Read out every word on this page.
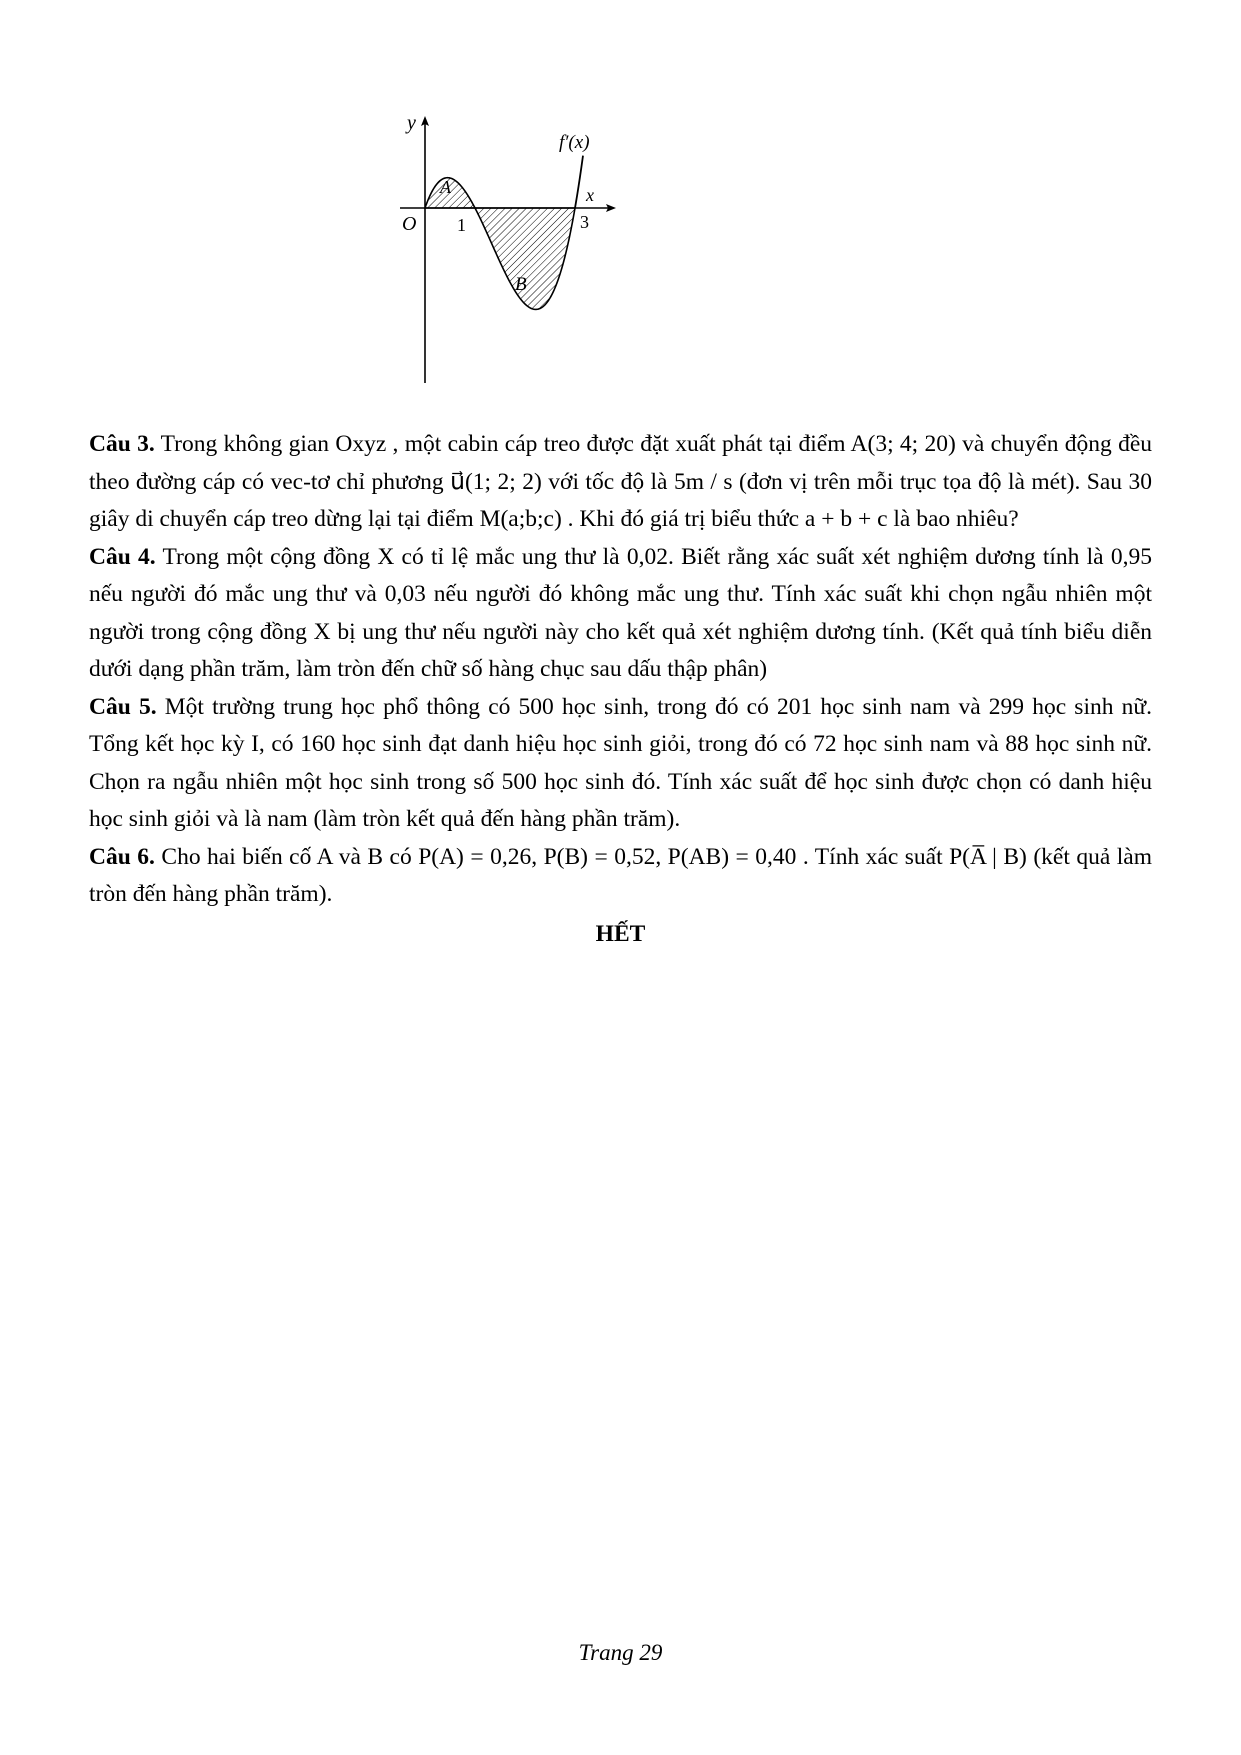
y
x
f′(x)
O 1	3
A
B

Câu 3. Trong không gian Oxyz , một cabin cáp treo được đặt xuất phát tại điểm A(3; 4; 20) và chuyển động đều theo đường cáp có vec-tơ chỉ phương u⃗(1; 2; 2) với tốc độ là 5m / s (đơn vị trên mỗi trục tọa độ là mét). Sau 30 giây di chuyển cáp treo dừng lại tại điểm M(a;b;c) . Khi đó giá trị biểu thức a + b + c là bao nhiêu?

Câu 4. Trong một cộng đồng X có tỉ lệ mắc ung thư là 0,02. Biết rằng xác suất xét nghiệm dương tính là 0,95 nếu người đó mắc ung thư và 0,03 nếu người đó không mắc ung thư. Tính xác suất khi chọn ngẫu nhiên một người trong cộng đồng X bị ung thư nếu người này cho kết quả xét nghiệm dương tính. (Kết quả tính biểu diễn dưới dạng phần trăm, làm tròn đến chữ số hàng chục sau dấu thập phân)

Câu 5. Một trường trung học phổ thông có 500 học sinh, trong đó có 201 học sinh nam và 299 học sinh nữ. Tổng kết học kỳ I, có 160 học sinh đạt danh hiệu học sinh giỏi, trong đó có 72 học sinh nam và 88 học sinh nữ. Chọn ra ngẫu nhiên một học sinh trong số 500 học sinh đó. Tính xác suất để học sinh được chọn có danh hiệu học sinh giỏi và là nam (làm tròn kết quả đến hàng phần trăm).

Câu 6. Cho hai biến cố A và B có P(A) = 0,26, P(B) = 0,52, P(AB) = 0,40 . Tính xác suất P(A̅ | B) (kết quả làm tròn đến hàng phần trăm).

HẾT
Trang 29
